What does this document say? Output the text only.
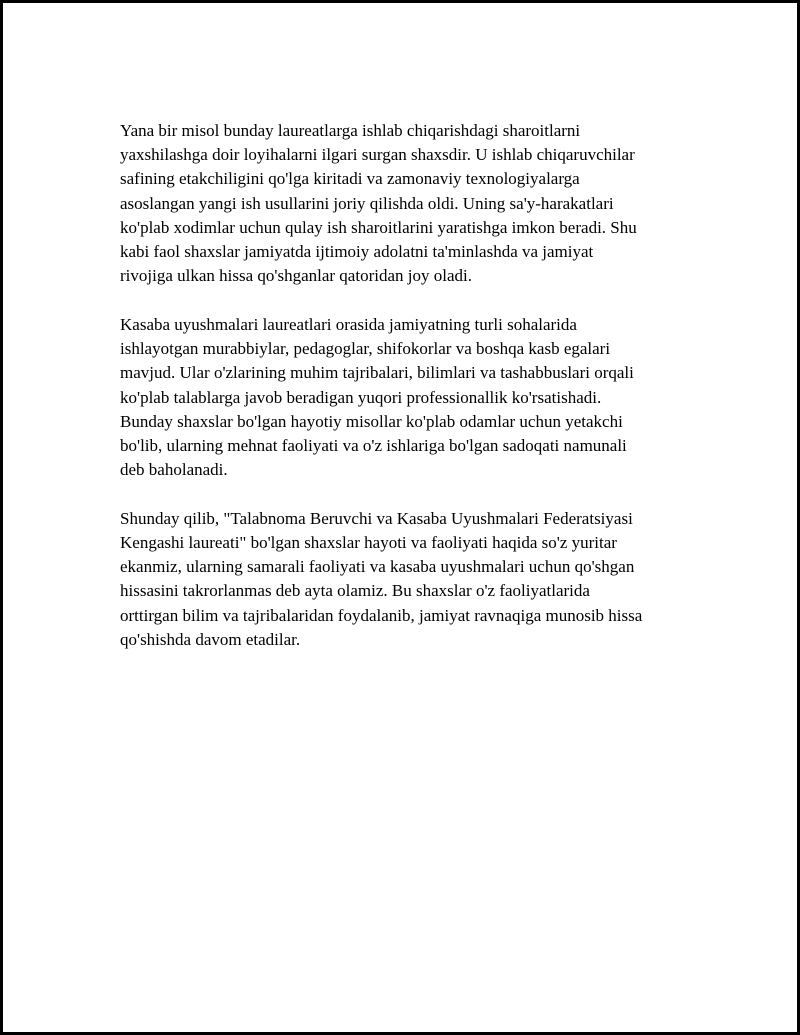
Yana bir misol bunday laureatlarga ishlab chiqarishdagi sharoitlarni
yaxshilashga doir loyihalarni ilgari surgan shaxsdir. U ishlab chiqaruvchilar
safining etakchiligini qo'lga kiritadi va zamonaviy texnologiyalarga
asoslangan yangi ish usullarini joriy qilishda oldi. Uning sa'y-harakatlari
ko'plab xodimlar uchun qulay ish sharoitlarini yaratishga imkon beradi. Shu
kabi faol shaxslar jamiyatda ijtimoiy adolatni ta'minlashda va jamiyat
rivojiga ulkan hissa qo'shganlar qatoridan joy oladi.

Kasaba uyushmalari laureatlari orasida jamiyatning turli sohalarida
ishlayotgan murabbiylar, pedagoglar, shifokorlar va boshqa kasb egalari
mavjud. Ular o'zlarining muhim tajribalari, bilimlari va tashabbuslari orqali
ko'plab talablarga javob beradigan yuqori professionallik ko'rsatishadi.
Bunday shaxslar bo'lgan hayotiy misollar ko'plab odamlar uchun yetakchi
bo'lib, ularning mehnat faoliyati va o'z ishlariga bo'lgan sadoqati namunali
deb baholanadi.

Shunday qilib, "Talabnoma Beruvchi va Kasaba Uyushmalari Federatsiyasi
Kengashi laureati" bo'lgan shaxslar hayoti va faoliyati haqida so'z yuritar
ekanmiz, ularning samarali faoliyati va kasaba uyushmalari uchun qo'shgan
hissasini takrorlanmas deb ayta olamiz. Bu shaxslar o'z faoliyatlarida
orttirgan bilim va tajribalaridan foydalanib, jamiyat ravnaqiga munosib hissa
qo'shishda davom etadilar.
